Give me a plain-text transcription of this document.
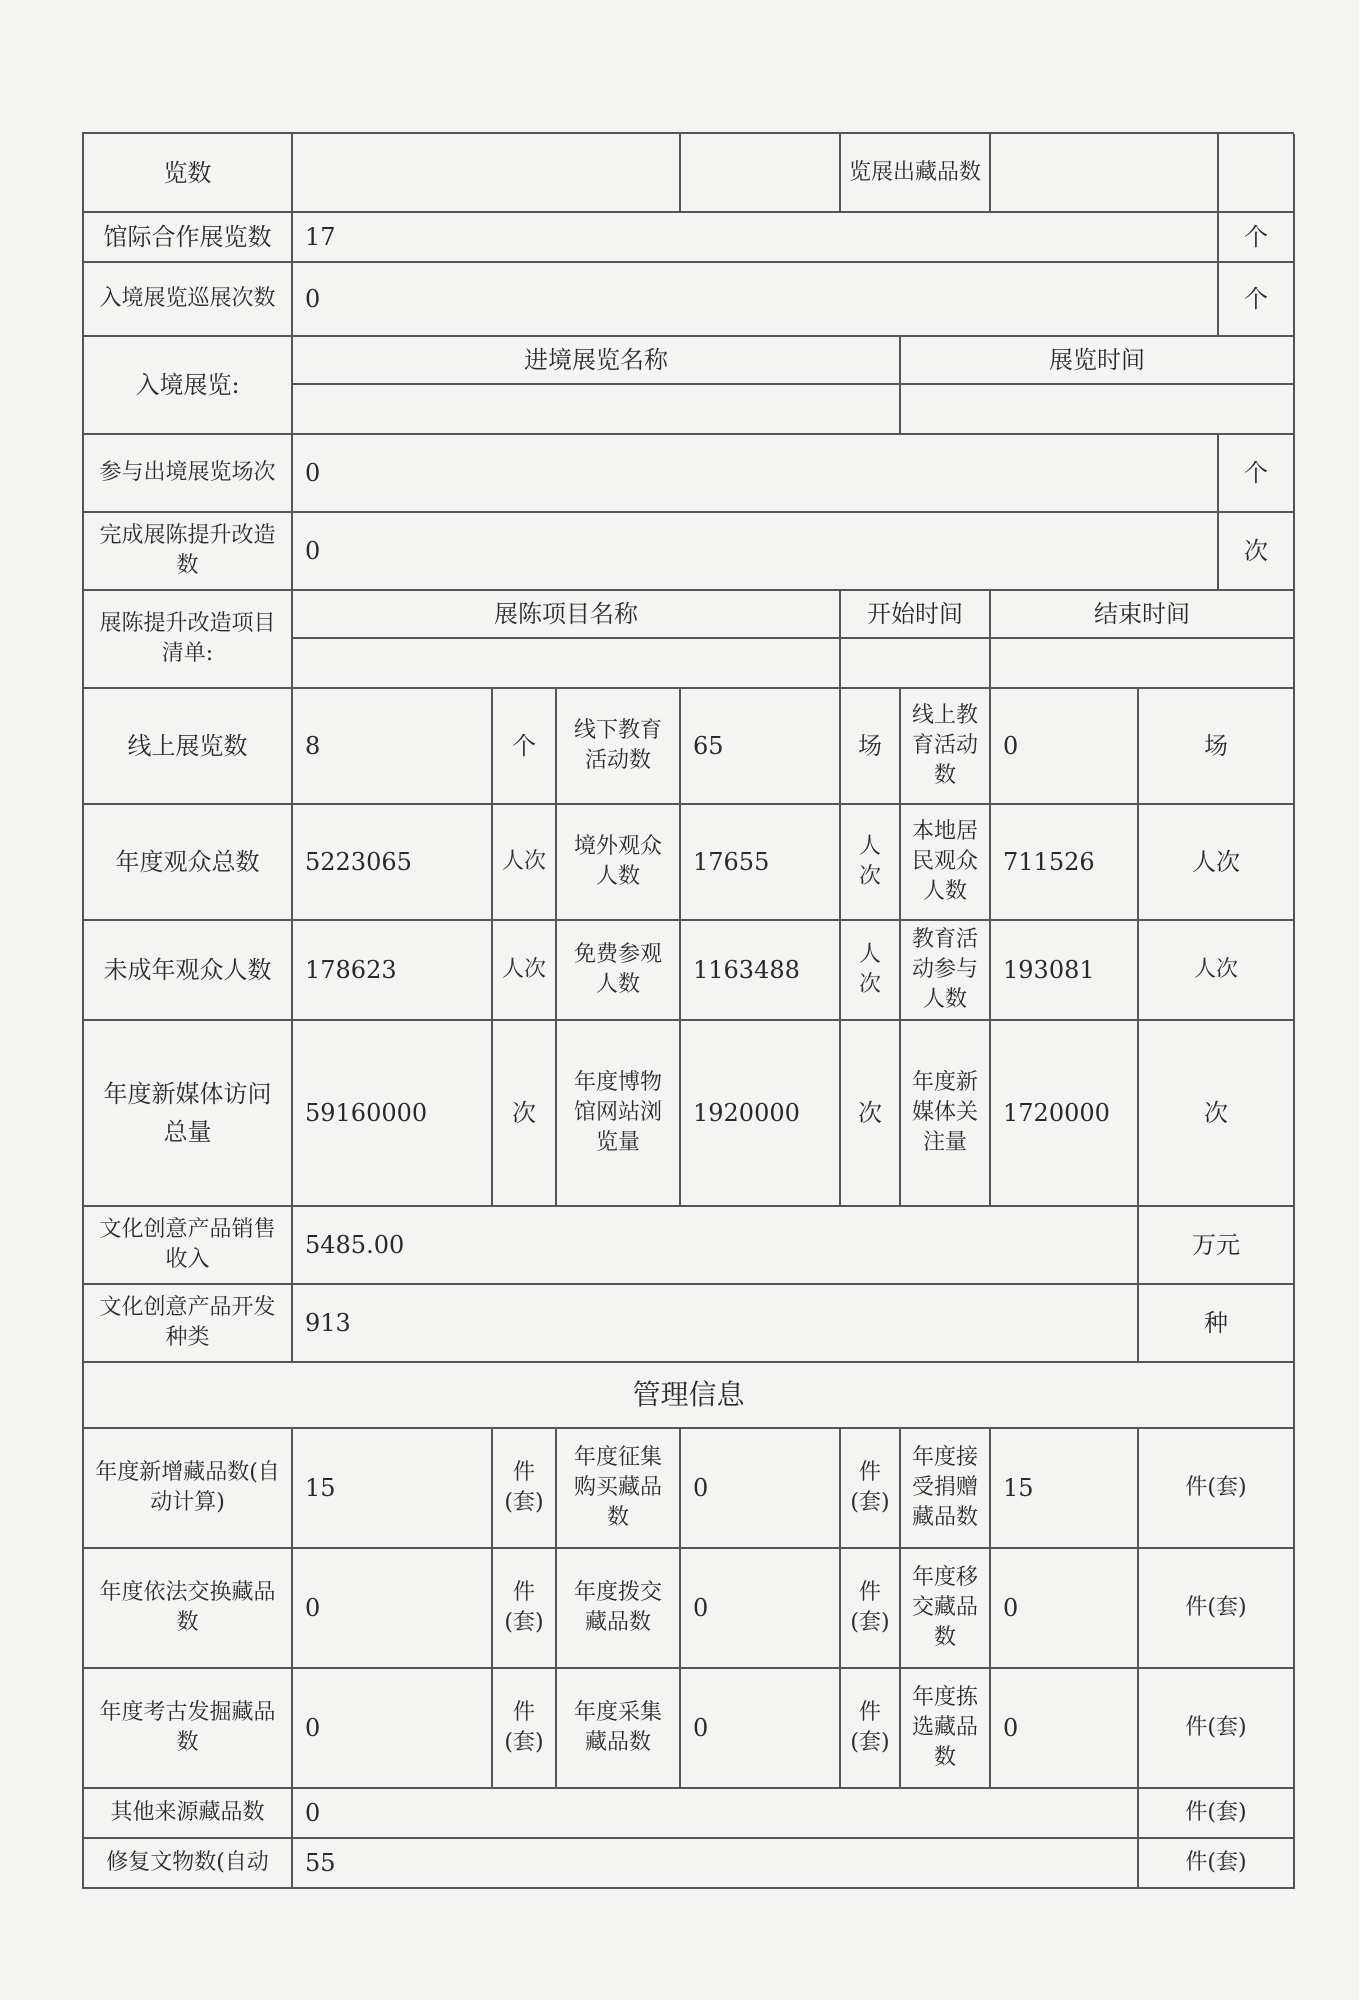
览数					览展出藏品数				
馆际合作展览数	17								个
入境展览巡展次数	0								个
入境展览:	进境展览名称					展览时间			

参与出境展览场次	0								个
完成展陈提升改造数	0								次
展陈提升改造项目清单:	展陈项目名称				开始时间		结束时间		

线上展览数	8	个	线下教育活动数	65	场	线上教育活动数	0	场	
年度观众总数	5223065	人次	境外观众人数	17655	人次	本地居民观众人数	711526	人次	
未成年观众人数	178623	人次	免费参观人数	1163488	人次	教育活动参与人数	193081	人次	
年度新媒体访问总量	59160000	次	年度博物馆网站浏览量	1920000	次	年度新媒体关注量	1720000	次	
文化创意产品销售收入	5485.00							万元	
文化创意产品开发种类	913							种	
管理信息									
年度新增藏品数(自动计算)	15	件(套)	年度征集购买藏品数	0	件(套)	年度接受捐赠藏品数	15	件(套)	
年度依法交换藏品数	0	件(套)	年度拨交藏品数	0	件(套)	年度移交藏品数	0	件(套)	
年度考古发掘藏品数	0	件(套)	年度采集藏品数	0	件(套)	年度拣选藏品数	0	件(套)	
其他来源藏品数	0							件(套)	
修复文物数(自动	55							件(套)	
